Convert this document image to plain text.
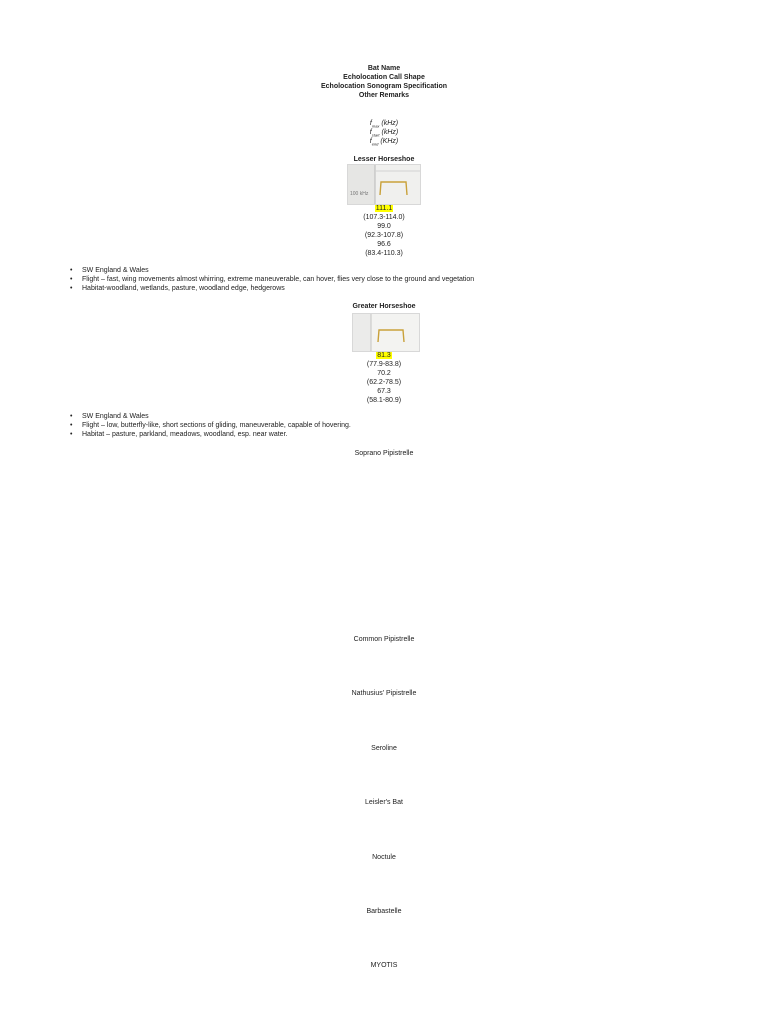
Bat Name
Echolocation Call Shape
Echolocation Sonogram Specification
Other Remarks
$f_{max}$ (kHz)
$f_{start}$ (kHz)
$f_{end}$ (KHz)
Lesser Horseshoe
100 kHz
111.1
(107.3-114.0)
99.0
(92.3-107.8)
96.6
(83.4-110.3)
• SW England & Wales
• Flight – fast, wing movements almost whirring, extreme maneuverable, can hover, flies very close to the ground and vegetation
• Habitat-woodland, wetlands, pasture, woodland edge, hedgerows
Greater Horseshoe
81.3
(77.9-83.8)
70.2
(62.2-78.5)
67.3
(58.1-80.9)
• SW England & Wales
• Flight – low, butterfly-like, short sections of gliding, maneuverable, capable of hovering.
• Habitat – pasture, parkland, meadows, woodland, esp. near water.
Soprano Pipistrelle
Common Pipistrelle
Nathusius' Pipistrelle
Seroline
Leisler's Bat
Noctule
Barbastelle
MYOTIS
